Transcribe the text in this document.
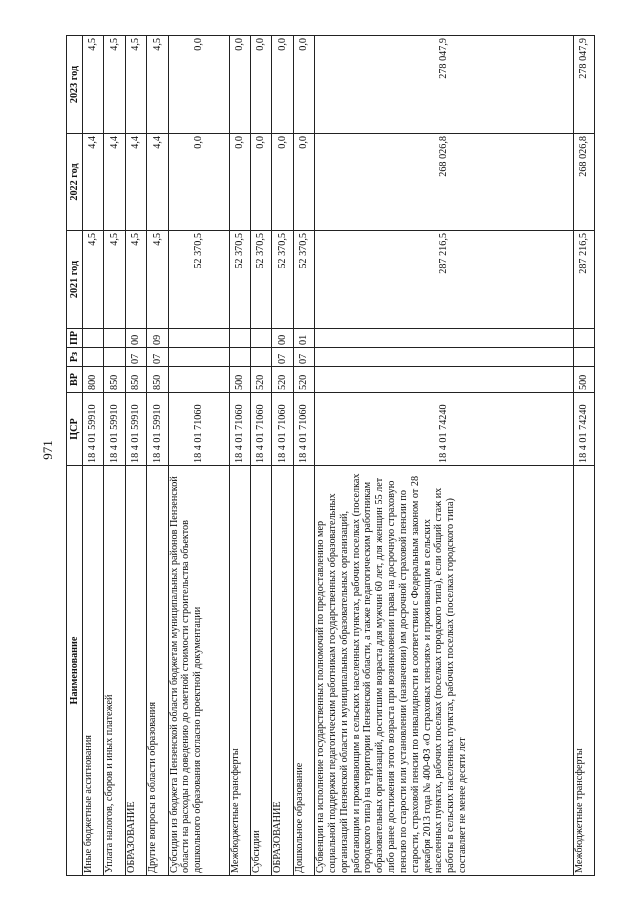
971
Наименование	ЦСР	ВР	Рз	ПР	2021 год	2022 год	2023 год
Иные бюджетные ассигнования	18 4 01 59910	800			4,5	4,4	4,5
Уплата налогов, сборов и иных платежей	18 4 01 59910	850			4,5	4,4	4,5
ОБРАЗОВАНИЕ	18 4 01 59910	850	07	00	4,5	4,4	4,5
Другие вопросы в области образования	18 4 01 59910	850	07	09	4,5	4,4	4,5
Субсидии из бюджета Пензенской области бюджетам муниципальных районов Пензенской области на расходы по доведению до сметной стоимости строительства объектов дошкольного образования согласно проектной документации	18 4 01 71060				52 370,5	0,0	0,0
Межбюджетные трансферты	18 4 01 71060	500			52 370,5	0,0	0,0
Субсидии	18 4 01 71060	520			52 370,5	0,0	0,0
ОБРАЗОВАНИЕ	18 4 01 71060	520	07	00	52 370,5	0,0	0,0
Дошкольное образование	18 4 01 71060	520	07	01	52 370,5	0,0	0,0
Субвенции на исполнение государственных полномочий по предоставлению мер социальной поддержки педагогическим работникам государственных образовательных организаций Пензенской области и муниципальных образовательных организаций, работающим и проживающим в сельских населенных пунктах, рабочих поселках (поселках городского типа) на территории Пензенской области, а также педагогическим работникам образовательных организаций, достигшим возраста для мужчин 60 лет, для женщин 55 лет либо ранее достижения этого возраста при возникновении права на досрочную страховую пенсию по старости или установлении (назначении) им досрочной страховой пенсии по старости, страховой пенсии по инвалидности в соответствии с Федеральным законом от 28 декабря 2013 года № 400-ФЗ «О страховых пенсиях» и проживающим в сельских населенных пунктах, рабочих поселках (поселках городского типа), если общий стаж их работы в сельских населенных пунктах, рабочих поселках (поселках городского типа) составляет не менее десяти лет	18 4 01 74240				287 216,5	268 026,8	278 047,9
Межбюджетные трансферты	18 4 01 74240	500			287 216,5	268 026,8	278 047,9
